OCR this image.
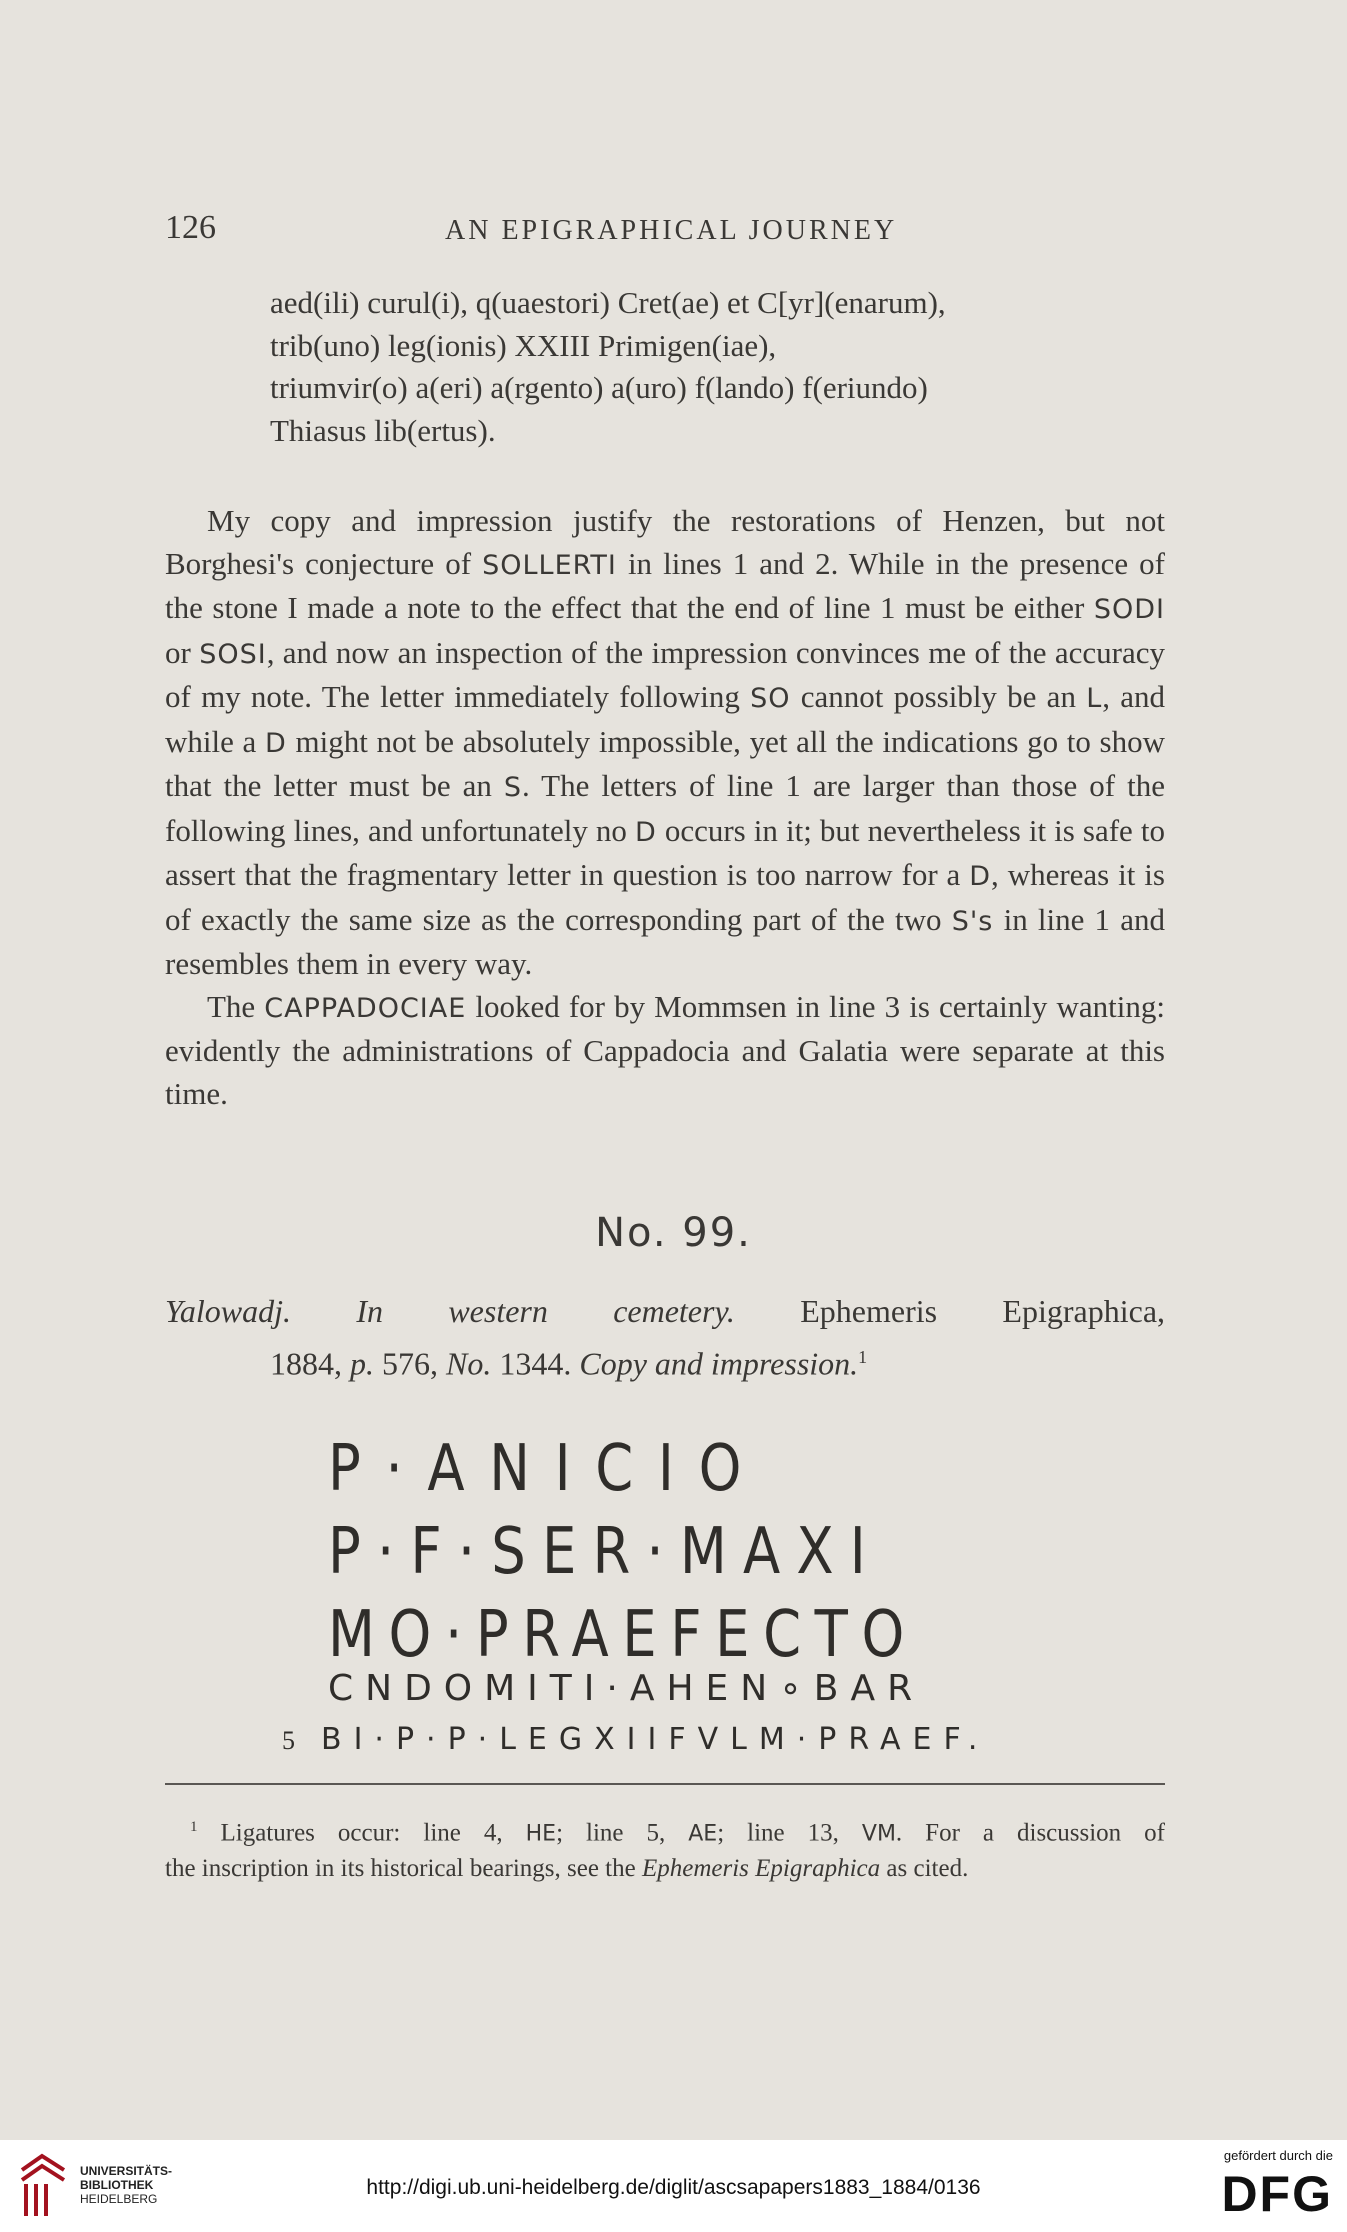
126	AN EPIGRAPHICAL JOURNEY
aed(ili) curul(i), q(uaestori) Cret(ae) et C[yr](enarum),
trib(uno) leg(ionis) XXIII Primigen(iae),
triumvir(o) a(eri) a(rgento) a(uro) f(lando) f(eriundo)
Thiasus lib(ertus).

My copy and impression justify the restorations of Henzen, but not Borghesi's conjecture of SOLLERTI in lines 1 and 2. While in the presence of the stone I made a note to the effect that the end of line 1 must be either SODI or SOSI, and now an inspection of the impression convinces me of the accuracy of my note. The letter immediately following SO cannot possibly be an L, and while a D might not be absolutely impossible, yet all the indications go to show that the letter must be an S. The letters of line 1 are larger than those of the following lines, and unfortunately no D occurs in it; but nevertheless it is safe to assert that the fragmentary letter in question is too narrow for a D, whereas it is of exactly the same size as the corresponding part of the two S's in line 1 and resembles them in every way.

The CAPPADOCIAE looked for by Mommsen in line 3 is certainly wanting: evidently the administrations of Cappadocia and Galatia were separate at this time.

No. 99.
Yalowadj. In western cemetery. Ephemeris Epigraphica,
1884, p. 576, No. 1344. Copy and impression.$^1$
P·ANICIO
P·F·SER·MAXI
MO·PRAEFECTO
CNDOMITI·AHEN∘BAR
5 BI·P·P·LEGXIIFVLM·PRAEF.
$^1$ Ligatures occur: line 4, HE; line 5, AE; line 13, VM. For a discussion of
the inscription in its historical bearings, see the Ephemeris Epigraphica as cited.
UNIVERSITÄTS-
BIBLIOTHEK
HEIDELBERG	http://digi.ub.uni-heidelberg.de/diglit/ascsapapers1883_1884/0136
gefördert durch die
DFG
